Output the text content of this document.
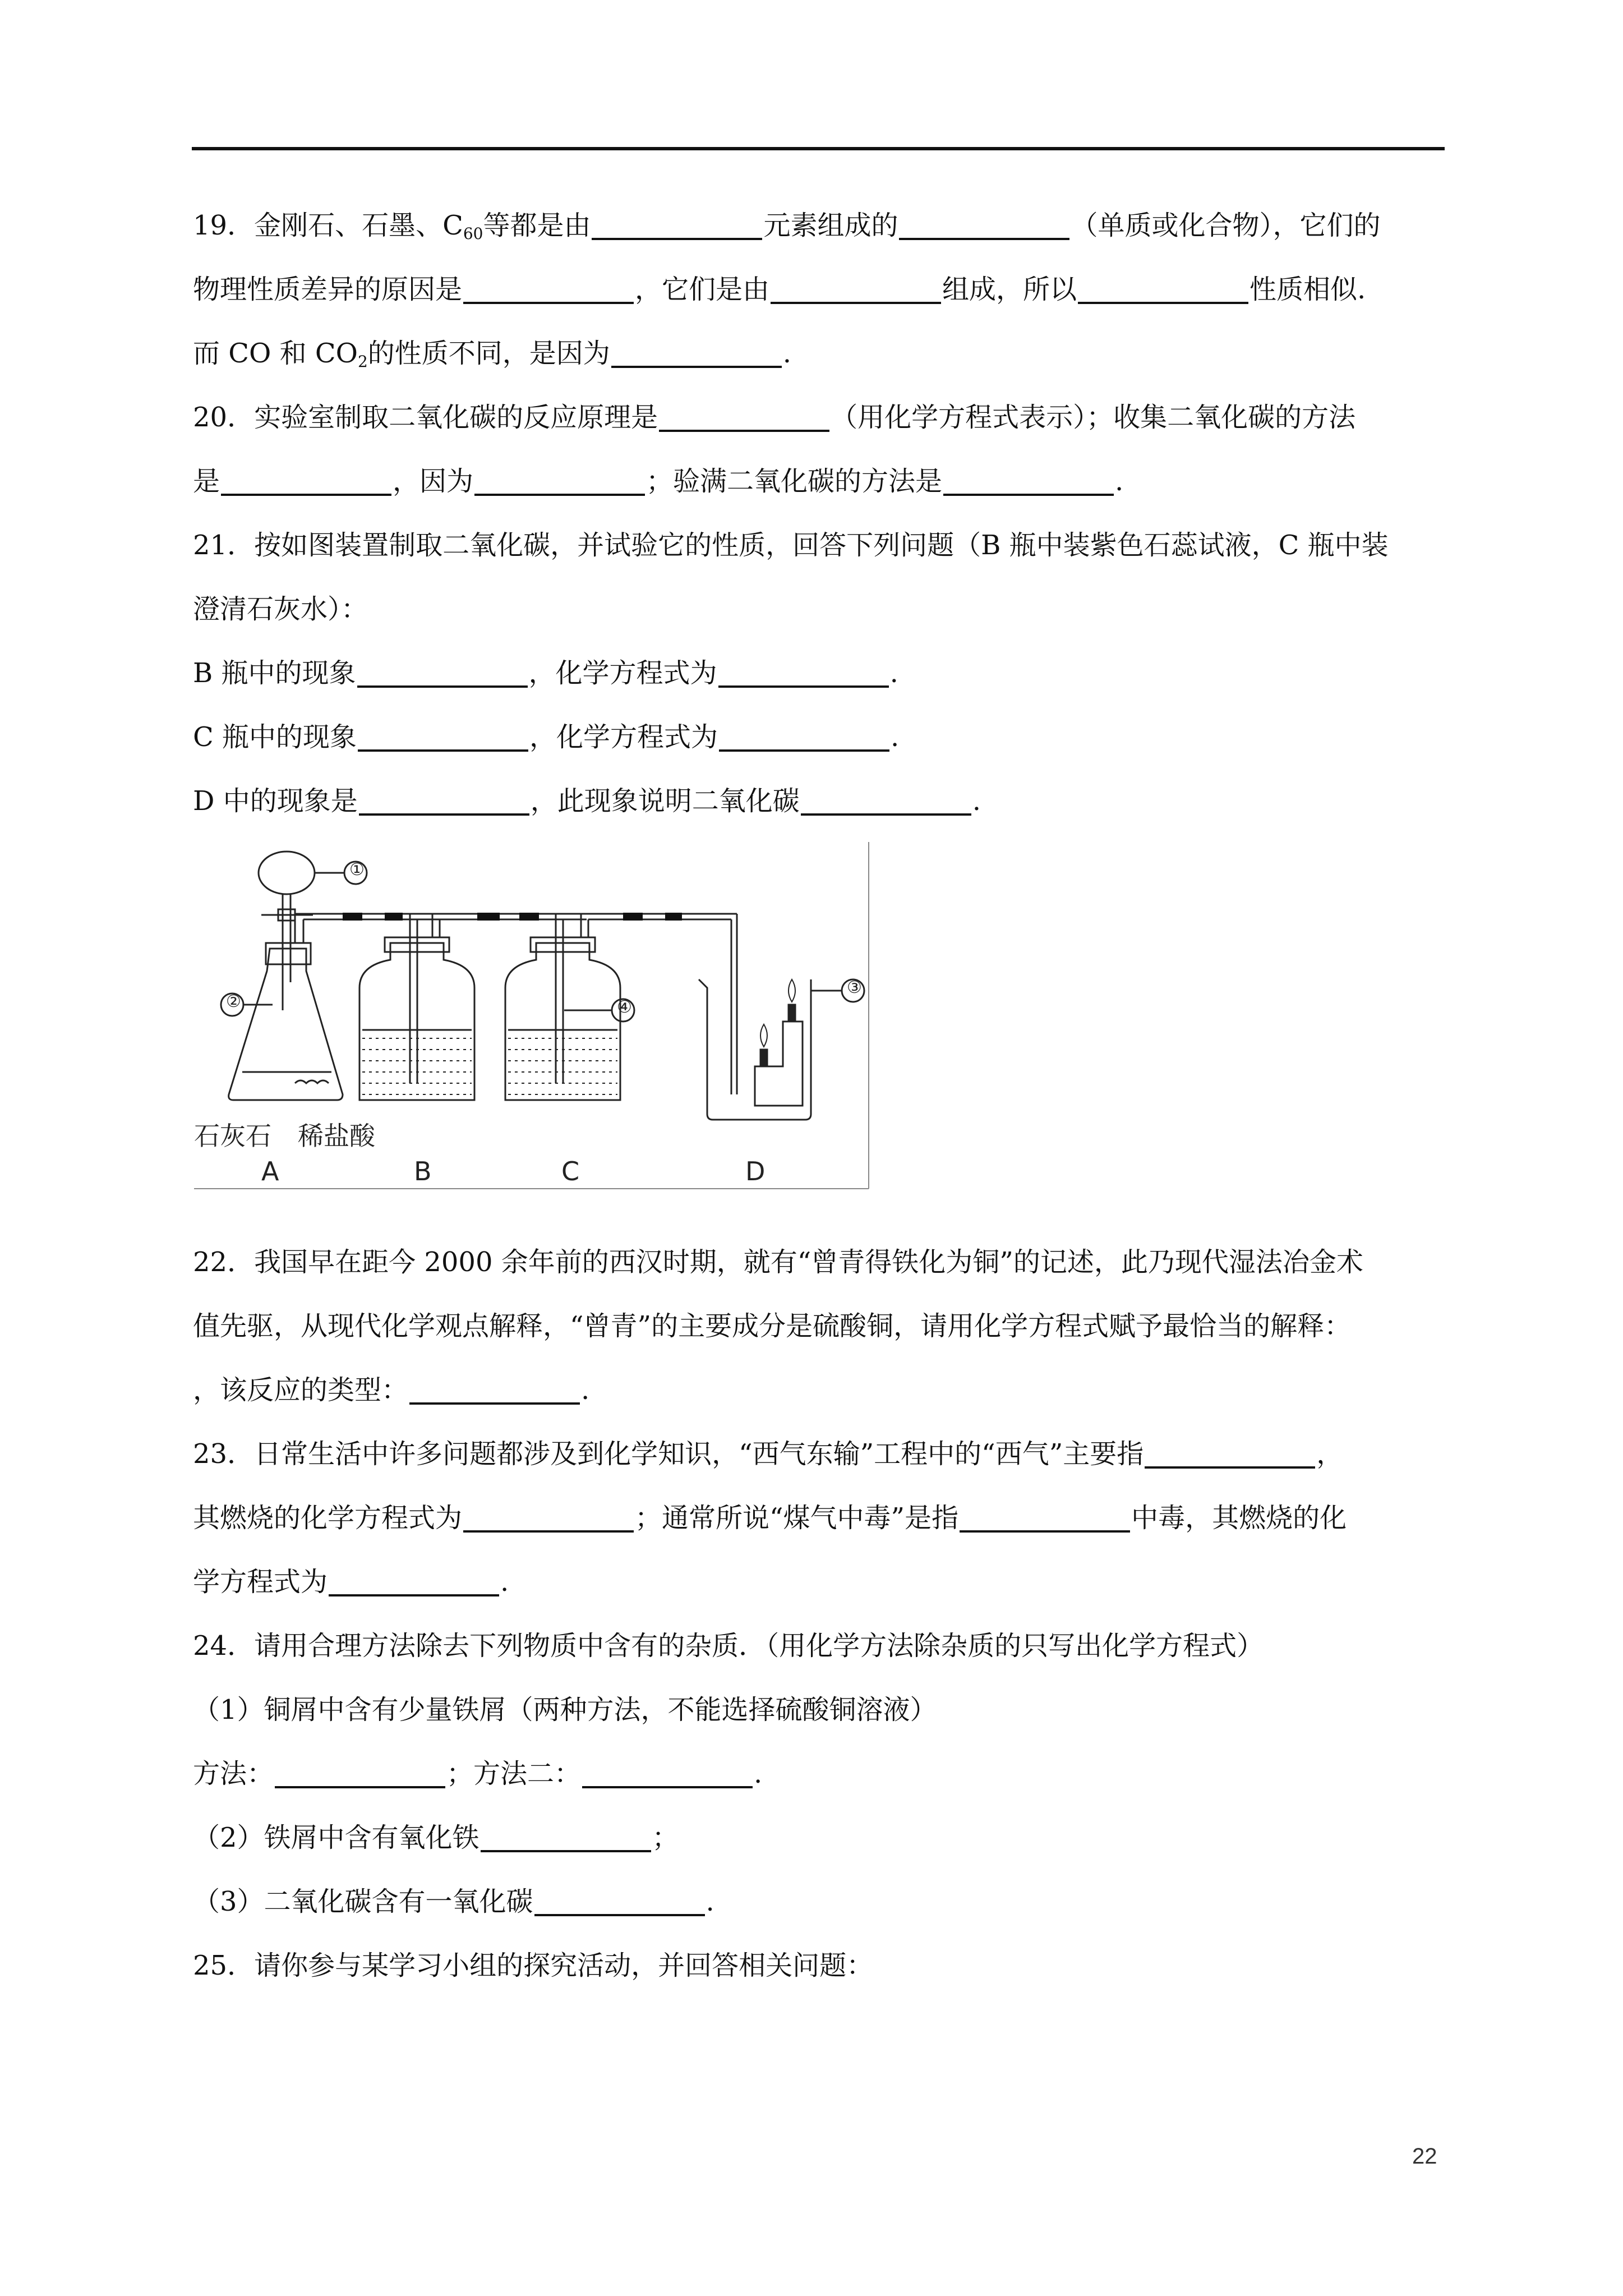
19．金刚石、石墨、$C_{60}$等都是由	元素组成的	（单质或化合物），它们的
物理性质差异的原因是	，它们是由	组成，所以	性质相似.
而 CO 和 $CO_2$的性质不同，是因为	.
20．实验室制取二氧化碳的反应原理是	（用化学方程式表示）；收集二氧化碳的方法
是	，因为	；验满二氧化碳的方法是	.
21．按如图装置制取二氧化碳，并试验它的性质，回答下列问题（B 瓶中装紫色石蕊试液，C 瓶中装
澄清石灰水）：
B 瓶中的现象	，化学方程式为	.
C 瓶中的现象	，化学方程式为	.
D 中的现象是	，此现象说明二氧化碳	.
①
②	④
③
石灰石 稀盐酸
A	B	C	D
22．我国早在距今 2000 余年前的西汉时期，就有“曾青得铁化为铜”的记述，此乃现代湿法冶金术
值先驱，从现代化学观点解释，“曾青”的主要成分是硫酸铜，请用化学方程式赋予最恰当的解释：
，该反应的类型：	.
23．日常生活中许多问题都涉及到化学知识，“西气东输”工程中的“西气”主要指	，
其燃烧的化学方程式为	；通常所说“煤气中毒”是指	中毒，其燃烧的化
学方程式为	.
24．请用合理方法除去下列物质中含有的杂质．（用化学方法除杂质的只写出化学方程式）
（1）铜屑中含有少量铁屑（两种方法，不能选择硫酸铜溶液）
方法：	；方法二：	.
（2）铁屑中含有氧化铁	；
（3）二氧化碳含有一氧化碳	.
25．请你参与某学习小组的探究活动，并回答相关问题：
22
